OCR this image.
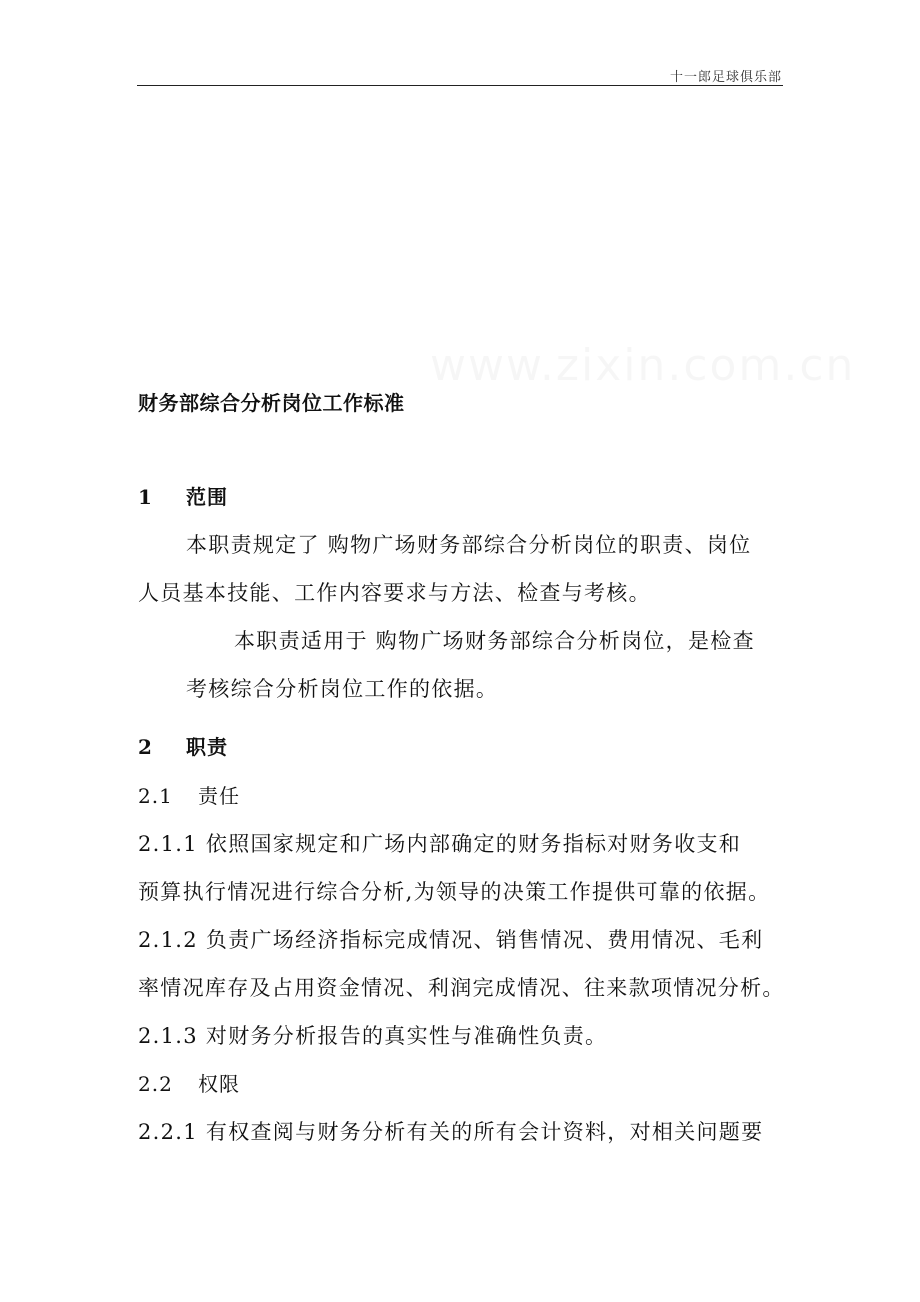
十一郎足球俱乐部
财务部综合分析岗位工作标准
1 范围
本职责规定了 购物广场财务部综合分析岗位的职责、岗位
人员基本技能、工作内容要求与方法、检查与考核。
本职责适用于 购物广场财务部综合分析岗位，是检查
考核综合分析岗位工作的依据。
2 职责
2.1 责任
2.1.1 依照国家规定和广场内部确定的财务指标对财务收支和
预算执行情况进行综合分析,为领导的决策工作提供可靠的依据。
2.1.2 负责广场经济指标完成情况、销售情况、费用情况、毛利
率情况库存及占用资金情况、利润完成情况、往来款项情况分析。
2.1.3 对财务分析报告的真实性与准确性负责。
2.2 权限
2.2.1 有权查阅与财务分析有关的所有会计资料，对相关问题要
